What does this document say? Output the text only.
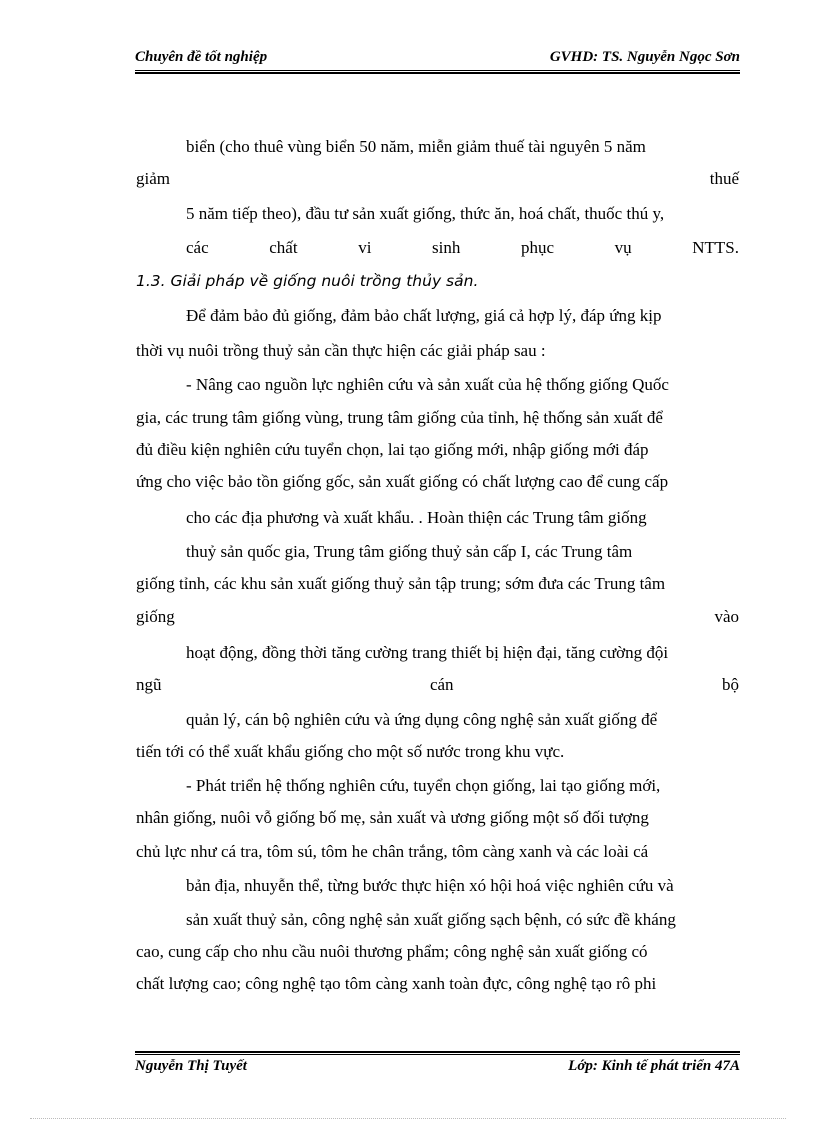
Chuyên đề tốt nghiệp	GVHD: TS. Nguyễn Ngọc Sơn
biển (cho thuê vùng biển 50 năm, miễn giảm thuế tài nguyên 5 năm
giảm	thuế
5 năm tiếp theo), đầu tư sản xuất giống, thức ăn, hoá chất, thuốc thú y,
các	chất	vi	sinh	phục	vụ	NTTS.
1.3. Giải pháp về giống nuôi trồng thủy sản.
Để đảm bảo đủ giống, đảm bảo chất lượng, giá cả hợp lý, đáp ứng kịp
thời vụ nuôi trồng thuỷ sản cần thực hiện các giải pháp sau :
- Nâng cao nguồn lực nghiên cứu và sản xuất của hệ thống giống Quốc
gia, các trung tâm giống vùng, trung tâm giống của tỉnh, hệ thống sản xuất để
đủ điều kiện nghiên cứu tuyển chọn, lai tạo giống mới, nhập giống mới đáp
ứng cho việc bảo tồn giống gốc, sản xuất giống có chất lượng cao để cung cấp
cho các địa phương và xuất khẩu. . Hoàn thiện các Trung tâm giống
thuỷ sản quốc gia, Trung tâm giống thuỷ sản cấp I, các Trung tâm
giống tỉnh, các khu sản xuất giống thuỷ sản tập trung; sớm đưa các Trung tâm
giống	vào
hoạt động, đồng thời tăng cường trang thiết bị hiện đại, tăng cường đội
ngũ	cán	bộ
quản lý, cán bộ nghiên cứu và ứng dụng công nghệ sản xuất giống để
tiến tới có thể xuất khẩu giống cho một số nước trong khu vực.
- Phát triển hệ thống nghiên cứu, tuyển chọn giống, lai tạo giống mới,
nhân giống, nuôi vỗ giống bố mẹ, sản xuất và ương giống một số đối tượng
chủ lực như cá tra, tôm sú, tôm he chân trắng, tôm càng xanh và các loài cá
bản địa, nhuyễn thể, từng bước thực hiện xó hội hoá việc nghiên cứu và
sản xuất thuỷ sản, công nghệ sản xuất giống sạch bệnh, có sức đề kháng
cao, cung cấp cho nhu cầu nuôi thương phẩm; công nghệ sản xuất giống có
chất lượng cao; công nghệ tạo tôm càng xanh toàn đực, công nghệ tạo rô phi
Nguyễn Thị Tuyết	Lớp: Kinh tế phát triển 47A
